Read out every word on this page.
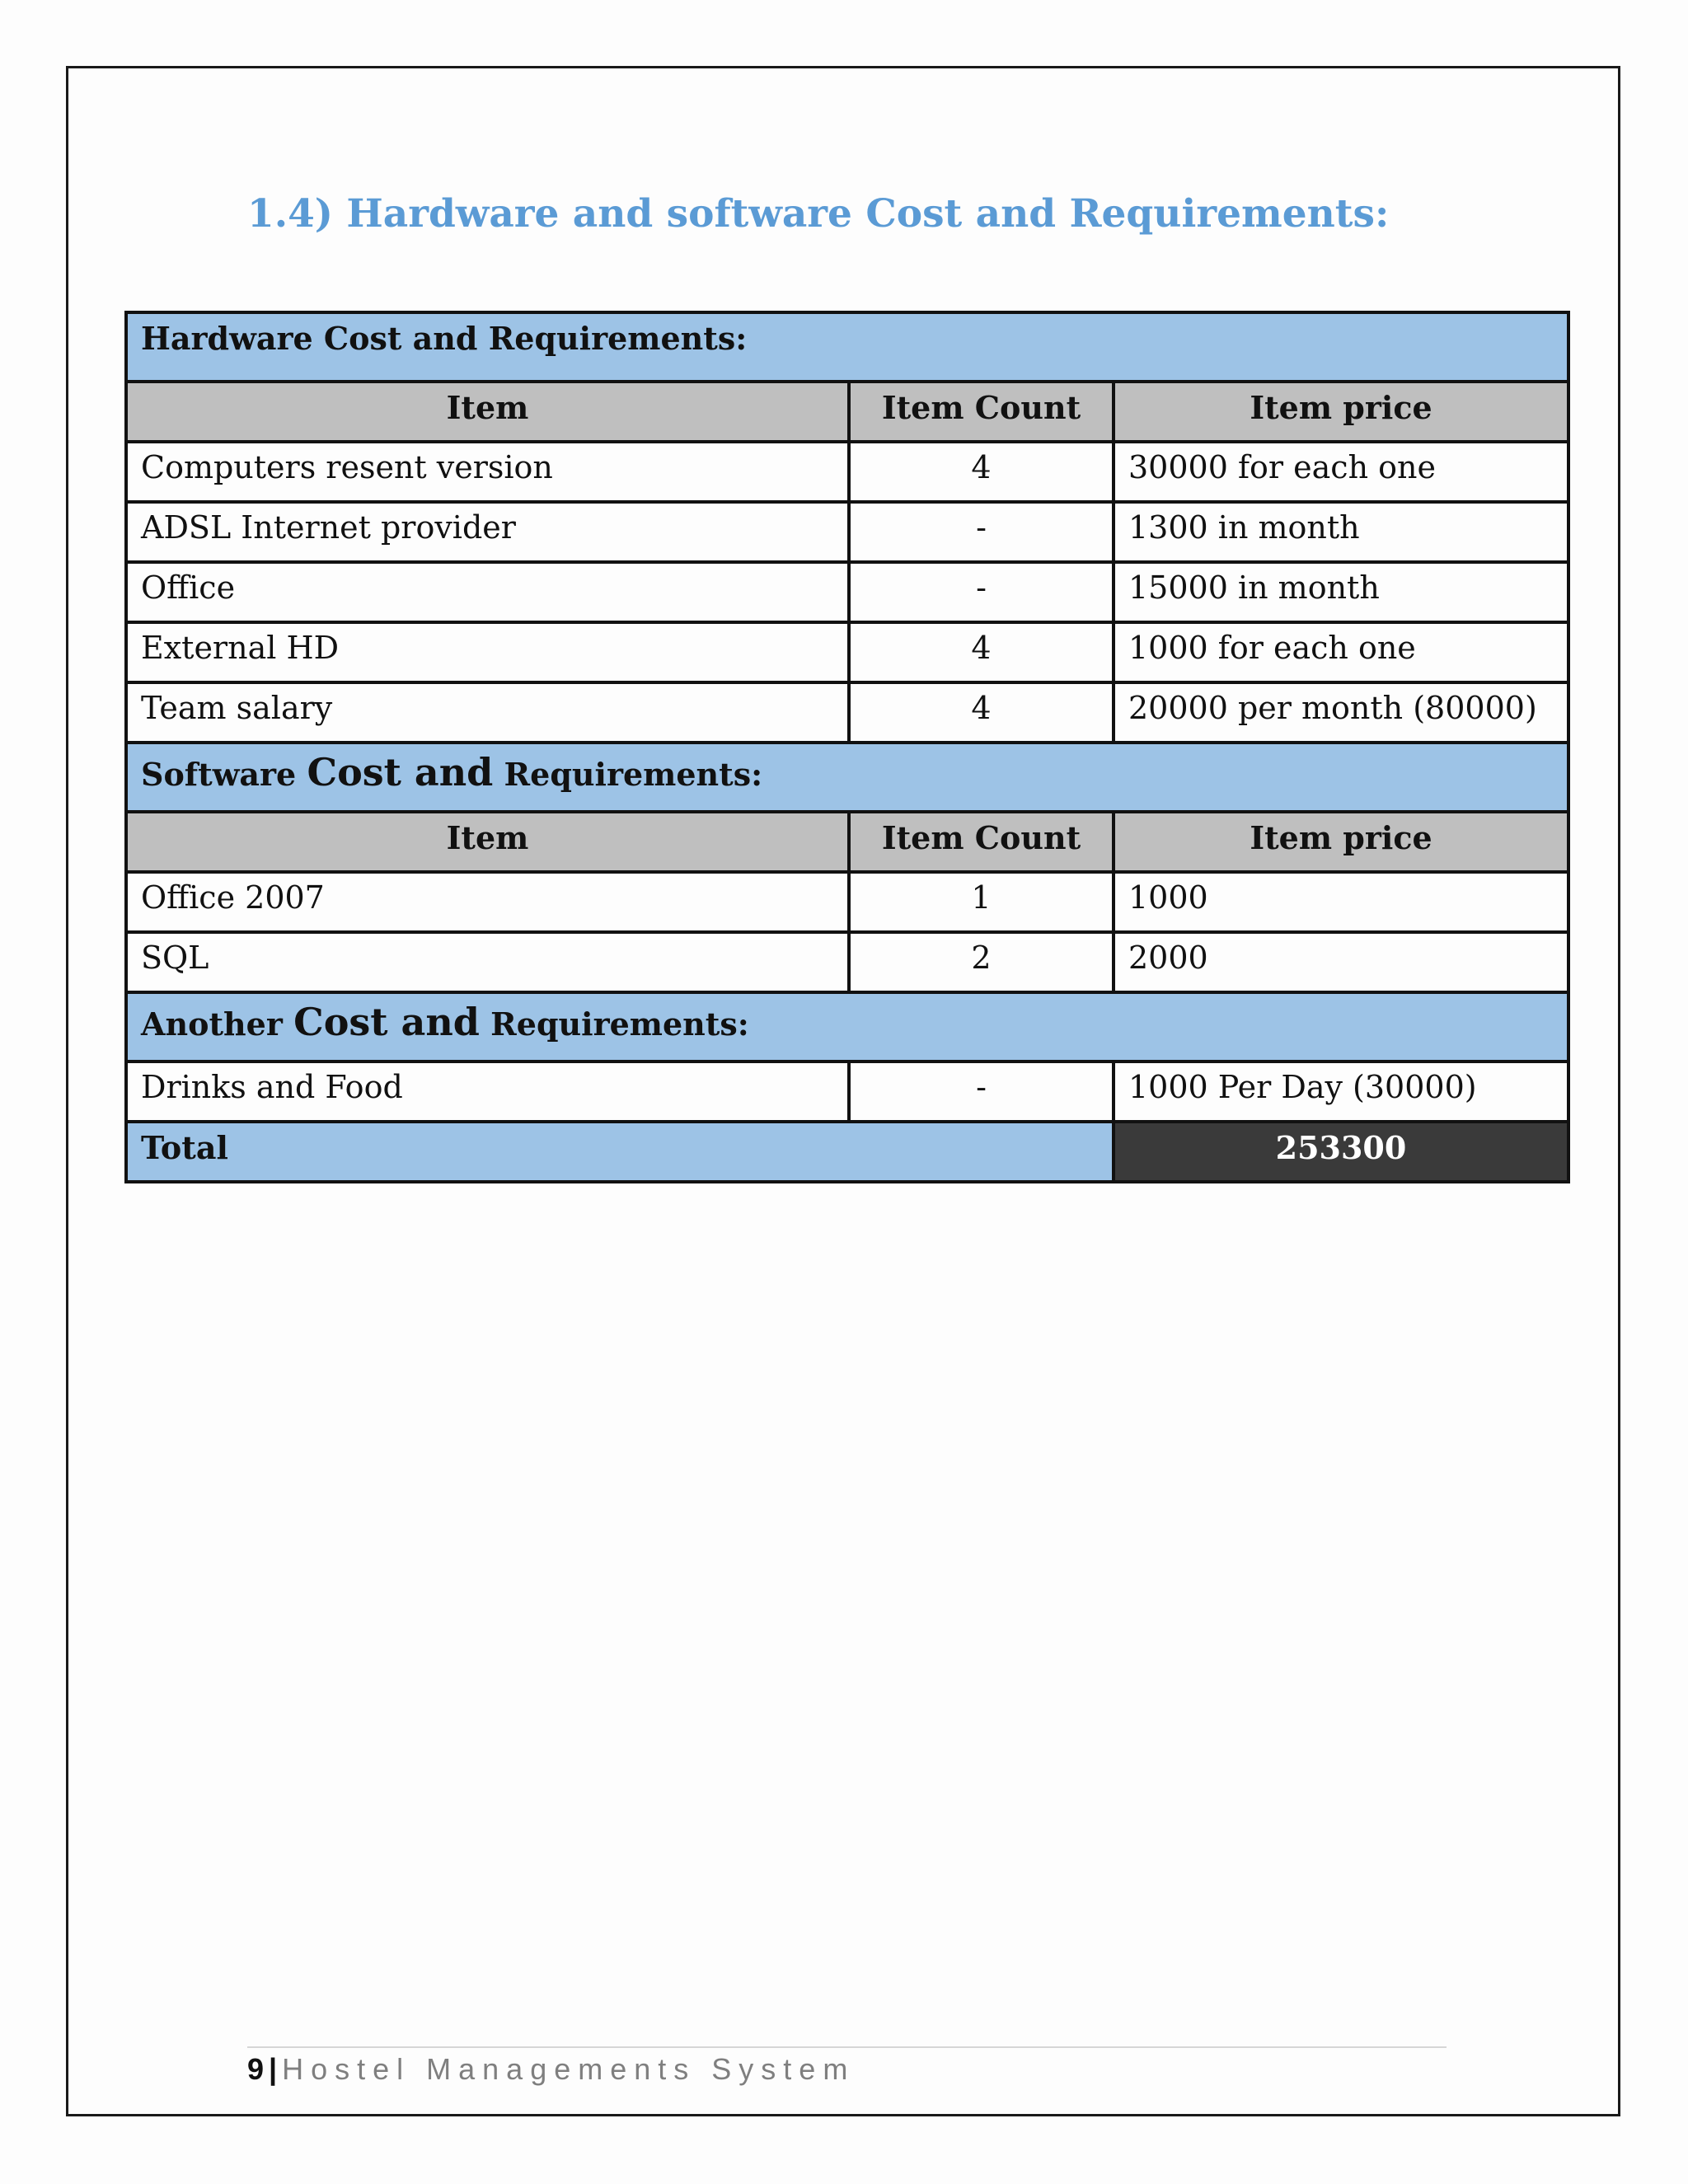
1.4) Hardware and software Cost and Requirements:
Hardware Cost and Requirements:		
Item	Item Count	Item price
Computers resent version	4	30000 for each one
ADSL Internet provider	-	1300 in month
Office	-	15000 in month
External HD	4	1000 for each one
Team salary	4	20000 per month (80000)
Software Cost and Requirements:		
Item	Item Count	Item price
Office 2007	1	1000
SQL	2	2000
Another Cost and Requirements:		
Drinks and Food	-	1000 Per Day (30000)
Total		253300
9 | Hostel Managements System
